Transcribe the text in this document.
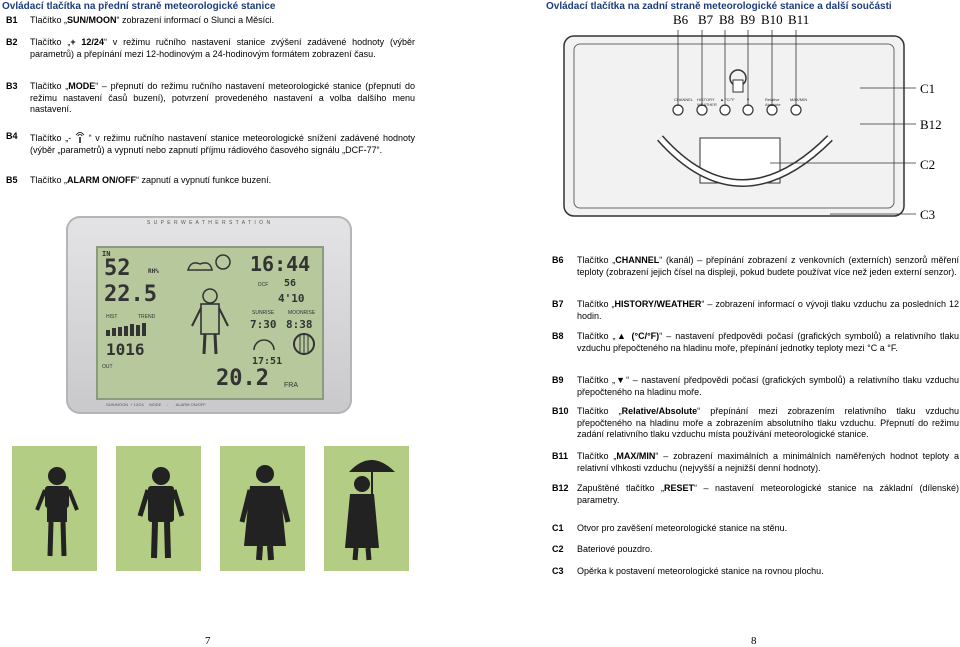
Ovládací tlačítka na přední straně meteorologické stanice
B1	Tlačítko „SUN/MOON“ zobrazení informací o Slunci a Měsíci.
B2	Tlačítko „+ 12/24“ v režimu ručního nastavení stanice zvýšení zadávené hodnoty (výběr parametrů) a přepínání mezi 12-hodinovým a 24-hodinovým formátem zobrazení času.
B3	Tlačítko „MODE“ – přepnutí do režimu ručního nastavení meteorologické stanice (přepnutí do režimu nastavení časů buzení), potvrzení provedeného nastavení a volba dalšího menu nastavení.
B4	Tlačítko „-  “ v režimu ručního nastavení stanice meteorologické snížení zadávené hodnoty (výběr „parametrů) a vypnutí nebo zapnutí příjmu rádiového časového signálu „DCF-77“.
B5	Tlačítko „ALARM ON/OFF“ zapnutí a vypnutí funkce buzení.
S U P E R W E A T H E R S T A T I O N
IN
52	RH%
22.5
HIST	TREND
1016
OUT
16:44
56
DCF
4'10
SUNRISE	MOONRISE
7:30 8:38
17:51
20.2 FRA
SUN/MOON  + 12/24     MODE     -       ALARM ON/OFF
7
Ovládací tlačítka na zadní straně meteorologické stanice a další součásti
B6 B7 B8 B9 B10 B11
CHANNEL HISTORY WEATHER
▲ °C/°F	▼	Relative Absolute
MAX/MIN
C1
B12
C2
C3
B6	Tlačítko „CHANNEL“ (kanál) – přepínání zobrazení z venkovních (externích) senzorů měření teploty (zobrazení jejich čísel na displeji, pokud budete používat více než jeden externí senzor).
B7	Tlačítko „HISTORY/WEATHER“ – zobrazení informací o vývoji tlaku vzduchu za posledních 12 hodin.
B8	Tlačítko „▲ (°C/°F)“ – nastavení předpovědi počasí (grafických symbolů) a relativního tlaku vzduchu přepočteného na hladinu moře, přepínání jednotky teploty mezi °C a °F.
B9	Tlačítko „▼“ – nastavení předpovědi počasí (grafických symbolů) a relativního tlaku vzduchu přepočteného na hladinu moře.
B10 Tlačítko „Relative/Absolute“ přepínání mezi zobrazením relativního tlaku vzduchu přepočteného na hladinu moře a zobrazením absolutního tlaku vzduchu. Přepnutí do režimu zadání relativního tlaku vzduchu místa používání meteorologické stanice.
B11 Tlačítko „MAX/MIN“ – zobrazení maximálních a minimálních naměřených hodnot teploty a relativní vlhkosti vzduchu (nejvyšší a nejnižší denní hodnoty).
B12 Zapuštěné tlačítko „RESET“ – nastavení meteorologické stanice na základní (dílenské) parametry.
C1	Otvor pro zavěšení meteorologické stanice na stěnu.
C2	Bateriové pouzdro.
C3	Opěrka k postavení meteorologické stanice na rovnou plochu.
8
